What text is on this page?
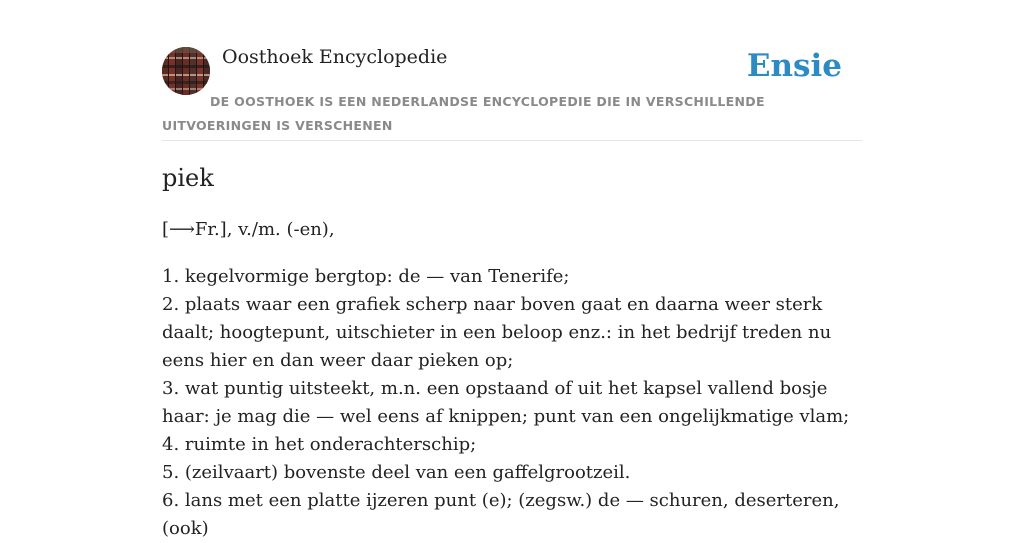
Oosthoek Encyclopedie	Ensie

DE OOSTHOEK IS EEN NEDERLANDSE ENCYCLOPEDIE DIE IN VERSCHILLENDE UITVOERINGEN IS VERSCHENEN

piek

[⟶Fr.], v./m. (-en),

1. kegelvormige bergtop: de — van Tenerife;
2. plaats waar een grafiek scherp naar boven gaat en daarna weer sterk daalt; hoogtepunt, uitschieter in een beloop enz.: in het bedrijf treden nu eens hier en dan weer daar pieken op;
3. wat puntig uitsteekt, m.n. een opstaand of uit het kapsel vallend bosje haar: je mag die — wel eens af knippen; punt van een ongelijkmatige vlam;
4. ruimte in het onderachterschip;
5. (zeilvaart) bovenste deel van een gaffelgrootzeil.
6. lans met een platte ijzeren punt (e); (zegsw.) de — schuren, deserteren, (ook)
